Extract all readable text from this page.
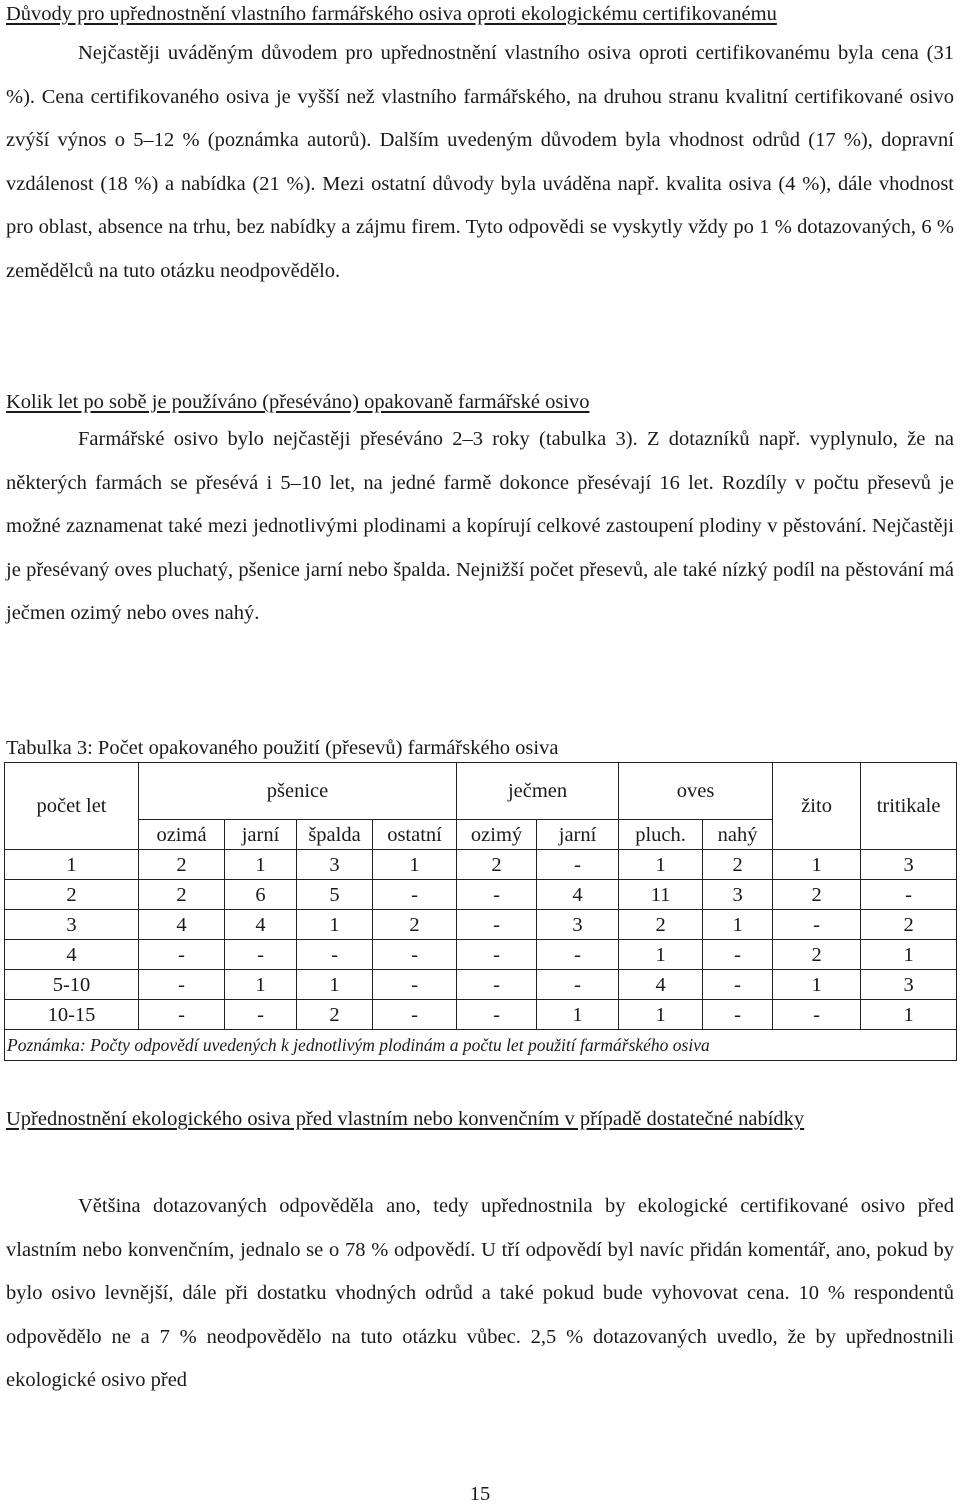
Důvody pro upřednostnění vlastního farmářského osiva oproti ekologickému certifikovanému

Nejčastěji uváděným důvodem pro upřednostnění vlastního osiva oproti certifikovanému byla cena (31 %). Cena certifikovaného osiva je vyšší než vlastního farmářského, na druhou stranu kvalitní certifikované osivo zvýší výnos o 5–12 % (poznámka autorů). Dalším uvedeným důvodem byla vhodnost odrůd (17 %), dopravní vzdálenost (18 %) a nabídka (21 %). Mezi ostatní důvody byla uváděna např. kvalita osiva (4 %), dále vhodnost pro oblast, absence na trhu, bez nabídky a zájmu firem. Tyto odpovědi se vyskytly vždy po 1 % dotazovaných, 6 % zemědělců na tuto otázku neodpovědělo.

Kolik let po sobě je používáno (přeséváno) opakovaně farmářské osivo

Farmářské osivo bylo nejčastěji přeséváno 2–3 roky (tabulka 3). Z dotazníků např. vyplynulo, že na některých farmách se přesévá i 5–10 let, na jedné farmě dokonce přesévají 16 let. Rozdíly v počtu přesevů je možné zaznamenat také mezi jednotlivými plodinami a kopírují celkové zastoupení plodiny v pěstování. Nejčastěji je přesévaný oves pluchatý, pšenice jarní nebo špalda. Nejnižší počet přesevů, ale také nízký podíl na pěstování má ječmen ozimý nebo oves nahý.

Tabulka 3: Počet opakovaného použití (přesevů) farmářského osiva

počet let	pšenice				ječmen		oves		žito	tritikale
	ozimá	jarní	špalda	ostatní	ozimý	jarní	pluch.	nahý		
1	2	1	3	1	2	-	1	2	1	3
2	2	6	5	-	-	4	11	3	2	-
3	4	4	1	2	-	3	2	1	-	2
4	-	-	-	-	-	-	1	-	2	1
5-10	-	1	1	-	-	-	4	-	1	3
10-15	-	-	2	-	-	1	1	-	-	1
Poznámka: Počty odpovědí uvedených k jednotlivým plodinám a počtu let použití farmářského osiva										

Upřednostnění ekologického osiva před vlastním nebo konvenčním v případě dostatečné nabídky

Většina dotazovaných odpověděla ano, tedy upřednostnila by ekologické certifikované osivo před vlastním nebo konvenčním, jednalo se o 78 % odpovědí. U tří odpovědí byl navíc přidán komentář, ano, pokud by bylo osivo levnější, dále při dostatku vhodných odrůd a také pokud bude vyhovovat cena. 10 % respondentů odpovědělo ne a 7 % neodpovědělo na tuto otázku vůbec. 2,5 % dotazovaných uvedlo, že by upřednostnili ekologické osivo před

15
